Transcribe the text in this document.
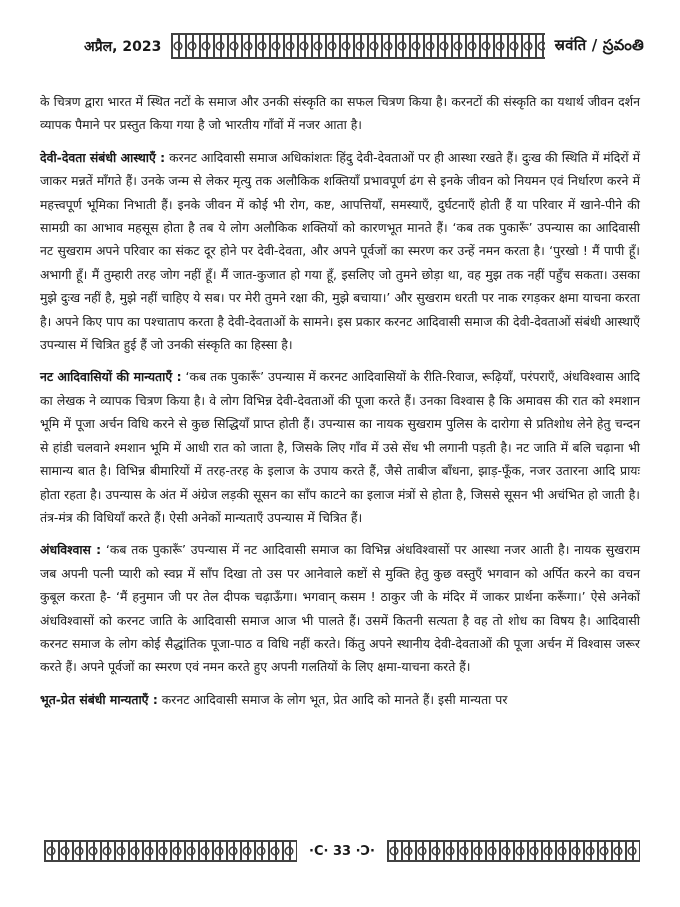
अप्रैल, 2023	स्रवंति / స్రవంతి

के चित्रण द्वारा भारत में स्थित नटों के समाज और उनकी संस्कृति का सफल चित्रण किया है। करनटों की संस्कृति का यथार्थ जीवन दर्शन व्यापक पैमाने पर प्रस्तुत किया गया है जो भारतीय गाँवों में नजर आता है।

देवी-देवता संबंधी आस्थाएँ : करनट आदिवासी समाज अधिकांशतः हिंदु देवी-देवताओं पर ही आस्था रखते हैं। दुःख की स्थिति में मंदिरों में जाकर मन्नतें माँगते हैं। उनके जन्म से लेकर मृत्यु तक अलौकिक शक्तियाँ प्रभावपूर्ण ढंग से इनके जीवन को नियमन एवं निर्धारण करने में महत्त्वपूर्ण भूमिका निभाती हैं। इनके जीवन में कोई भी रोग, कष्ट, आपत्तियाँ, समस्याएँ, दुर्घटनाएँ होती हैं या परिवार में खाने-पीने की सामग्री का आभाव महसूस होता है तब ये लोग अलौकिक शक्तियों को कारणभूत मानते हैं। ‘कब तक पुकारूँ’ उपन्यास का आदिवासी नट सुखराम अपने परिवार का संकट दूर होने पर देवी-देवता, और अपने पूर्वजों का स्मरण कर उन्हें नमन करता है। ‘पुरखो ! मैं पापी हूँ। अभागी हूँ। मैं तुम्हारी तरह जोग नहीं हूँ। मैं जात-कुजात हो गया हूँ, इसलिए जो तुमने छोड़ा था, वह मुझ तक नहीं पहुँच सकता। उसका मुझे दुःख नहीं है, मुझे नहीं चाहिए ये सब। पर मेरी तुमने रक्षा की, मुझे बचाया।’ और सुखराम धरती पर नाक रगड़कर क्षमा याचना करता है। अपने किए पाप का पश्चाताप करता है देवी-देवताओं के सामने। इस प्रकार करनट आदिवासी समाज की देवी-देवताओं संबंधी आस्थाएँ उपन्यास में चित्रित हुई हैं जो उनकी संस्कृति का हिस्सा है।

नट आदिवासियों की मान्यताएँ : ‘कब तक पुकारूँ’ उपन्यास में करनट आदिवासियों के रीति-रिवाज, रूढ़ियाँ, परंपराएँ, अंधविश्वास आदि का लेखक ने व्यापक चित्रण किया है। वे लोग विभिन्न देवी-देवताओं की पूजा करते हैं। उनका विश्वास है कि अमावस की रात को श्मशान भूमि में पूजा अर्चन विधि करने से कुछ सिद्धियाँ प्राप्त होती हैं। उपन्यास का नायक सुखराम पुलिस के दारोगा से प्रतिशोध लेने हेतु चन्दन से हांडी चलवाने श्मशान भूमि में आधी रात को जाता है, जिसके लिए गाँव में उसे सेंध भी लगानी पड़ती है। नट जाति में बलि चढ़ाना भी सामान्य बात है। विभिन्न बीमारियों में तरह-तरह के इलाज के उपाय करते हैं, जैसे ताबीज बाँधना, झाड़-फूँक, नजर उतारना आदि प्रायः होता रहता है। उपन्यास के अंत में अंग्रेज लड़की सूसन का साँप काटने का इलाज मंत्रों से होता है, जिससे सूसन भी अचंभित हो जाती है। तंत्र-मंत्र की विधियाँ करते हैं। ऐसी अनेकों मान्यताएँ उपन्यास में चित्रित हैं।

अंधविश्वास : ‘कब तक पुकारूँ’ उपन्यास में नट आदिवासी समाज का विभिन्न अंधविश्वासों पर आस्था नजर आती है। नायक सुखराम जब अपनी पत्नी प्यारी को स्वप्न में साँप दिखा तो उस पर आनेवाले कष्टों से मुक्ति हेतु कुछ वस्तुएँ भगवान को अर्पित करने का वचन कुबूल करता है- ‘मैं हनुमान जी पर तेल दीपक चढ़ाऊँगा। भगवान् कसम ! ठाकुर जी के मंदिर में जाकर प्रार्थना करूँगा।’ ऐसे अनेकों अंधविश्वासों को करनट जाति के आदिवासी समाज आज भी पालते हैं। उसमें कितनी सत्यता है वह तो शोध का विषय है। आदिवासी करनट समाज के लोग कोई सैद्धांतिक पूजा-पाठ व विधि नहीं करते। किंतु अपने स्थानीय देवी-देवताओं की पूजा अर्चन में विश्वास जरूर करते हैं। अपने पूर्वजों का स्मरण एवं नमन करते हुए अपनी गलतियों के लिए क्षमा-याचना करते हैं।

भूत-प्रेत संबंधी मान्यताएँ : करनट आदिवासी समाज के लोग भूत, प्रेत आदि को मानते हैं। इसी मान्यता पर

·C· 33 ·Ɔ·
